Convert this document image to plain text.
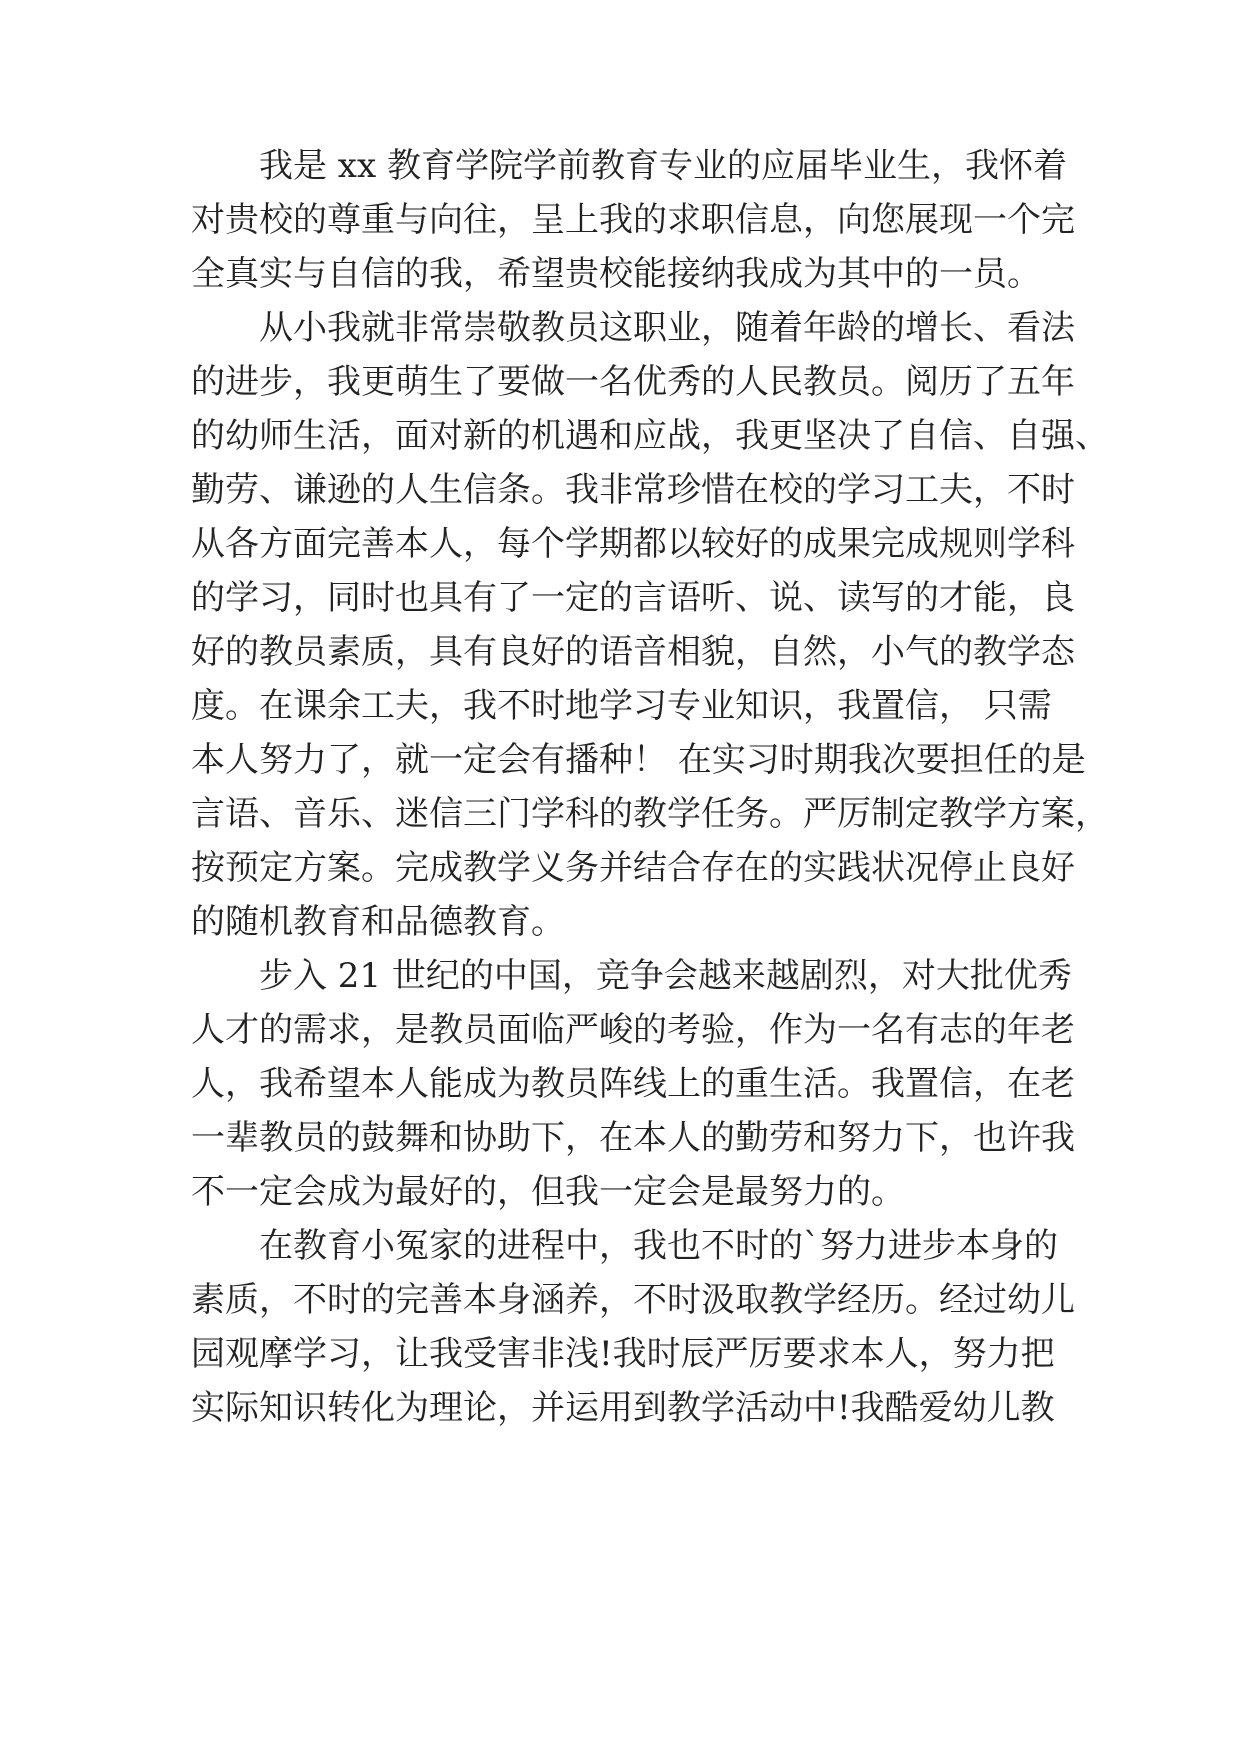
我是 xx 教育学院学前教育专业的应届毕业生，我怀着
对贵校的尊重与向往，呈上我的求职信息，向您展现一个完
全真实与自信的我，希望贵校能接纳我成为其中的一员。
从小我就非常崇敬教员这职业，随着年龄的增长、看法
的进步，我更萌生了要做一名优秀的人民教员。阅历了五年
的幼师生活，面对新的机遇和应战，我更坚决了自信、自强、
勤劳、谦逊的人生信条。我非常珍惜在校的学习工夫，不时
从各方面完善本人，每个学期都以较好的成果完成规则学科
的学习，同时也具有了一定的言语听、说、读写的才能，良
好的教员素质，具有良好的语音相貌，自然，小气的教学态
度。在课余工夫，我不时地学习专业知识，我置信， 只需
本人努力了，就一定会有播种！ 在实习时期我次要担任的是
言语、音乐、迷信三门学科的教学任务。严厉制定教学方案，
按预定方案。完成教学义务并结合存在的实践状况停止良好
的随机教育和品德教育。
步入 21 世纪的中国，竞争会越来越剧烈，对大批优秀
人才的需求，是教员面临严峻的考验，作为一名有志的年老
人，我希望本人能成为教员阵线上的重生活。我置信，在老
一辈教员的鼓舞和协助下，在本人的勤劳和努力下，也许我
不一定会成为最好的，但我一定会是最努力的。
在教育小冤家的进程中，我也不时的`努力进步本身的
素质，不时的完善本身涵养，不时汲取教学经历。经过幼儿
园观摩学习，让我受害非浅!我时辰严厉要求本人，努力把
实际知识转化为理论，并运用到教学活动中!我酷爱幼儿教
